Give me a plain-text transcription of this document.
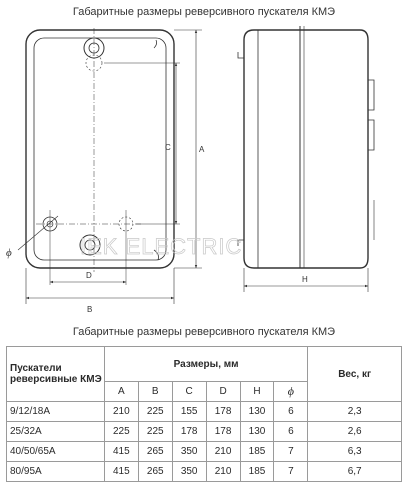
Габаритные размеры реверсивного пускателя КМЭ
A
C
D
B
H
ϕ	IEK ELECTRIC
Габаритные размеры реверсивного пускателя КМЭ
Пускатели реверсивные КМЭ	Размеры, мм						Вес, кг
	A	B	C	D	H	ϕ	
9/12/18A	210	225	155	178	130	6	2,3
25/32A	225	225	178	178	130	6	2,6
40/50/65A	415	265	350	210	185	7	6,3
80/95A	415	265	350	210	185	7	6,7
